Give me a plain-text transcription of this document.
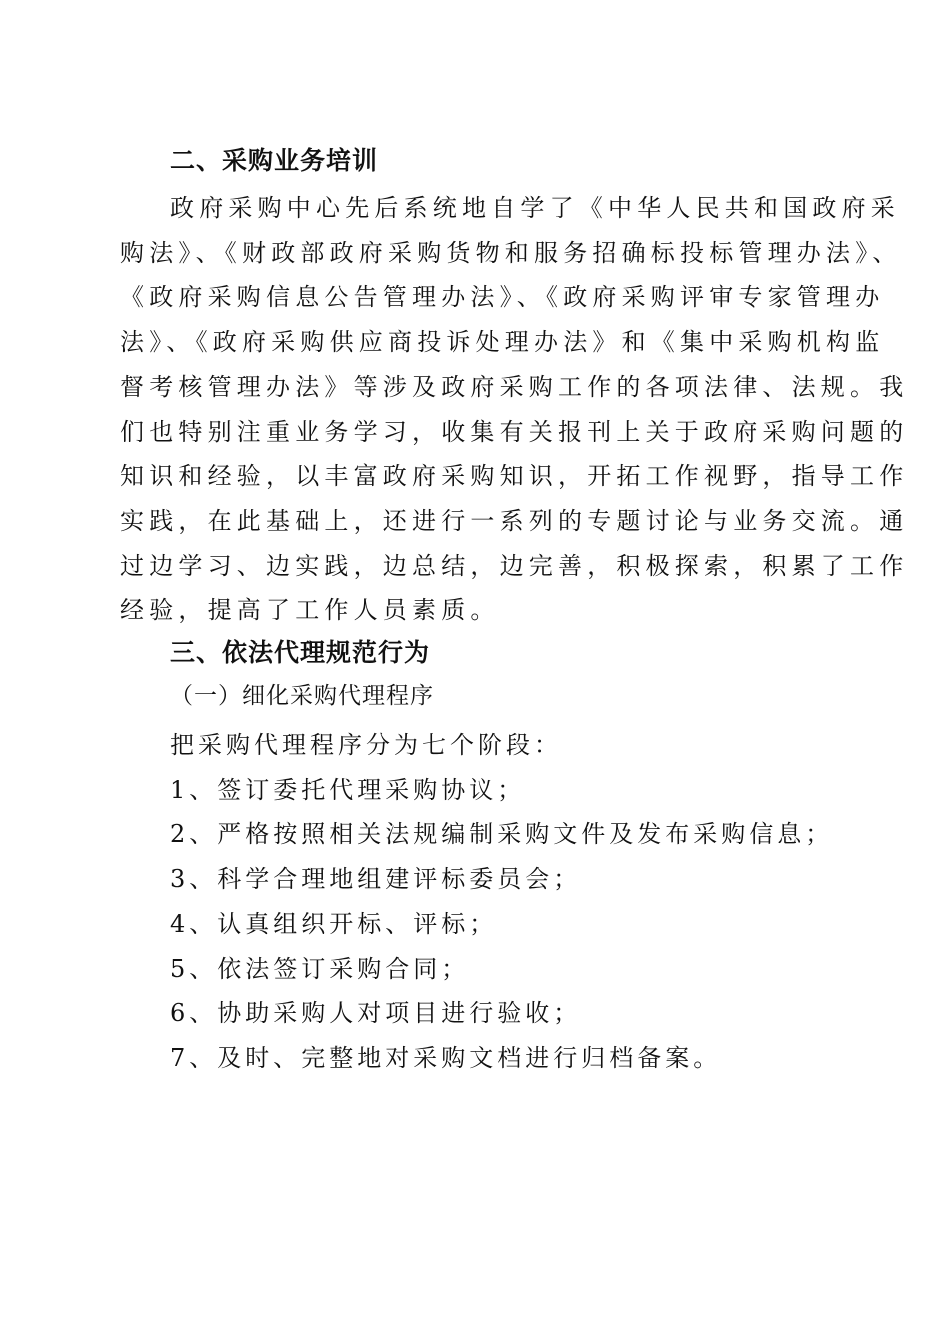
二、采购业务培训
政府采购中心先后系统地自学了《中华人民共和国政府采
购法》、《财政部政府采购货物和服务招确标投标管理办法》、
《政府采购信息公告管理办法》、《政府采购评审专家管理办
法》、《政府采购供应商投诉处理办法》和《集中采购机构监
督考核管理办法》等涉及政府采购工作的各项法律、法规。我
们也特别注重业务学习，收集有关报刊上关于政府采购问题的
知识和经验，以丰富政府采购知识，开拓工作视野，指导工作
实践，在此基础上，还进行一系列的专题讨论与业务交流。通
过边学习、边实践，边总结，边完善，积极探索，积累了工作
经验，提高了工作人员素质。
三、依法代理规范行为
（一）细化采购代理程序
把采购代理程序分为七个阶段：
1、签订委托代理采购协议；
2、严格按照相关法规编制采购文件及发布采购信息；
3、科学合理地组建评标委员会；
4、认真组织开标、评标；
5、依法签订采购合同；
6、协助采购人对项目进行验收；
7、及时、完整地对采购文档进行归档备案。
